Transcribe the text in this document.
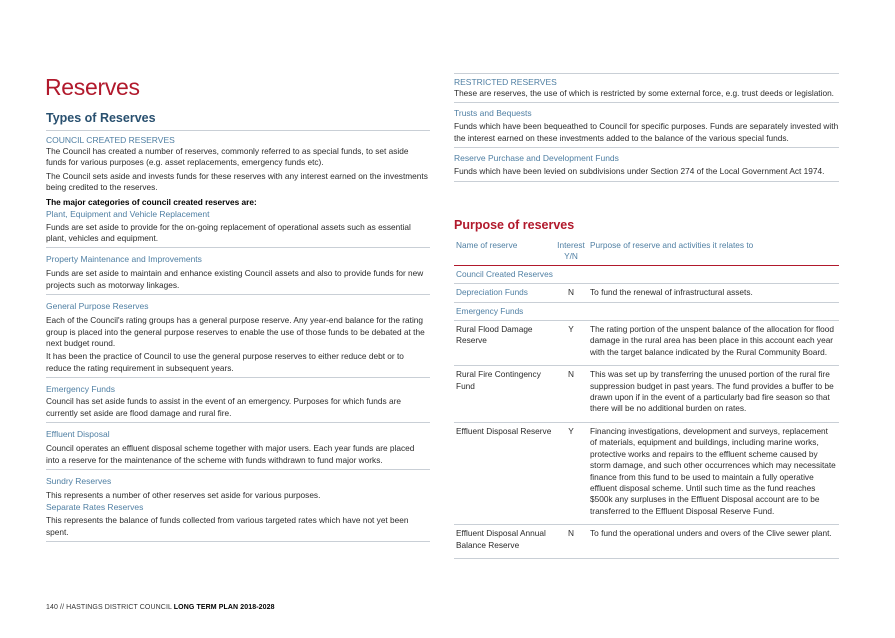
Reserves
Types of Reserves
COUNCIL CREATED RESERVES
The Council has created a number of reserves, commonly referred to as special funds, to set aside funds for various purposes (e.g. asset replacements, emergency funds etc).
The Council sets aside and invests funds for these reserves with any interest earned on the investments being credited to the reserves.
The major categories of council created reserves are:
Plant, Equipment and Vehicle Replacement
Funds are set aside to provide for the on-going replacement of operational assets such as essential plant, vehicles and equipment.
Property Maintenance and Improvements
Funds are set aside to maintain and enhance existing Council assets and also to provide funds for new projects such as motorway linkages.
General Purpose Reserves
Each of the Council's rating groups has a general purpose reserve. Any year-end balance for the rating group is placed into the general purpose reserves to enable the use of those funds to be debated at the next budget round.
It has been the practice of Council to use the general purpose reserves to either reduce debt or to reduce the rating requirement in subsequent years.
Emergency Funds
Council has set aside funds to assist in the event of an emergency. Purposes for which funds are currently set aside are flood damage and rural fire.
Effluent Disposal
Council operates an effluent disposal scheme together with major users. Each year funds are placed into a reserve for the maintenance of the scheme with funds withdrawn to fund major works.
Sundry Reserves
This represents a number of other reserves set aside for various purposes.
Separate Rates Reserves
This represents the balance of funds collected from various targeted rates which have not yet been spent.
RESTRICTED RESERVES
These are reserves, the use of which is restricted by some external force, e.g. trust deeds or legislation.
Trusts and Bequests
Funds which have been bequeathed to Council for specific purposes. Funds are separately invested with the interest earned on these investments added to the balance of the various special funds.
Reserve Purchase and Development Funds
Funds which have been levied on subdivisions under Section 274 of the Local Government Act 1974.
Purpose of reserves
Name of reserve	Interest Y/N	Purpose of reserve and activities it relates to
Council Created Reserves		
Depreciation Funds	N	To fund the renewal of infrastructural assets.
Emergency Funds		
Rural Flood Damage Reserve	Y	The rating portion of the unspent balance of the allocation for flood damage in the rural area has been place in this account each year with the target balance indicated by the Rural Community Board.
Rural Fire Contingency Fund	N	This was set up by transferring the unused portion of the rural fire suppression budget in past years. The fund provides a buffer to be drawn upon if in the event of a particularly bad fire season so that there will be no additional burden on rates.
Effluent Disposal Reserve	Y	Financing investigations, development and surveys, replacement of materials, equipment and buildings, including marine works, protective works and repairs to the effluent scheme caused by storm damage, and such other occurrences which may necessitate finance from this fund to be used to maintain a fully operative effluent disposal scheme. Until such time as the fund reaches $500k any surpluses in the Effluent Disposal account are to be transferred to the Effluent Disposal Reserve Fund.
Effluent Disposal Annual Balance Reserve	N	To fund the operational unders and overs of the Clive sewer plant.
140 // HASTINGS DISTRICT COUNCIL LONG TERM PLAN 2018-2028
